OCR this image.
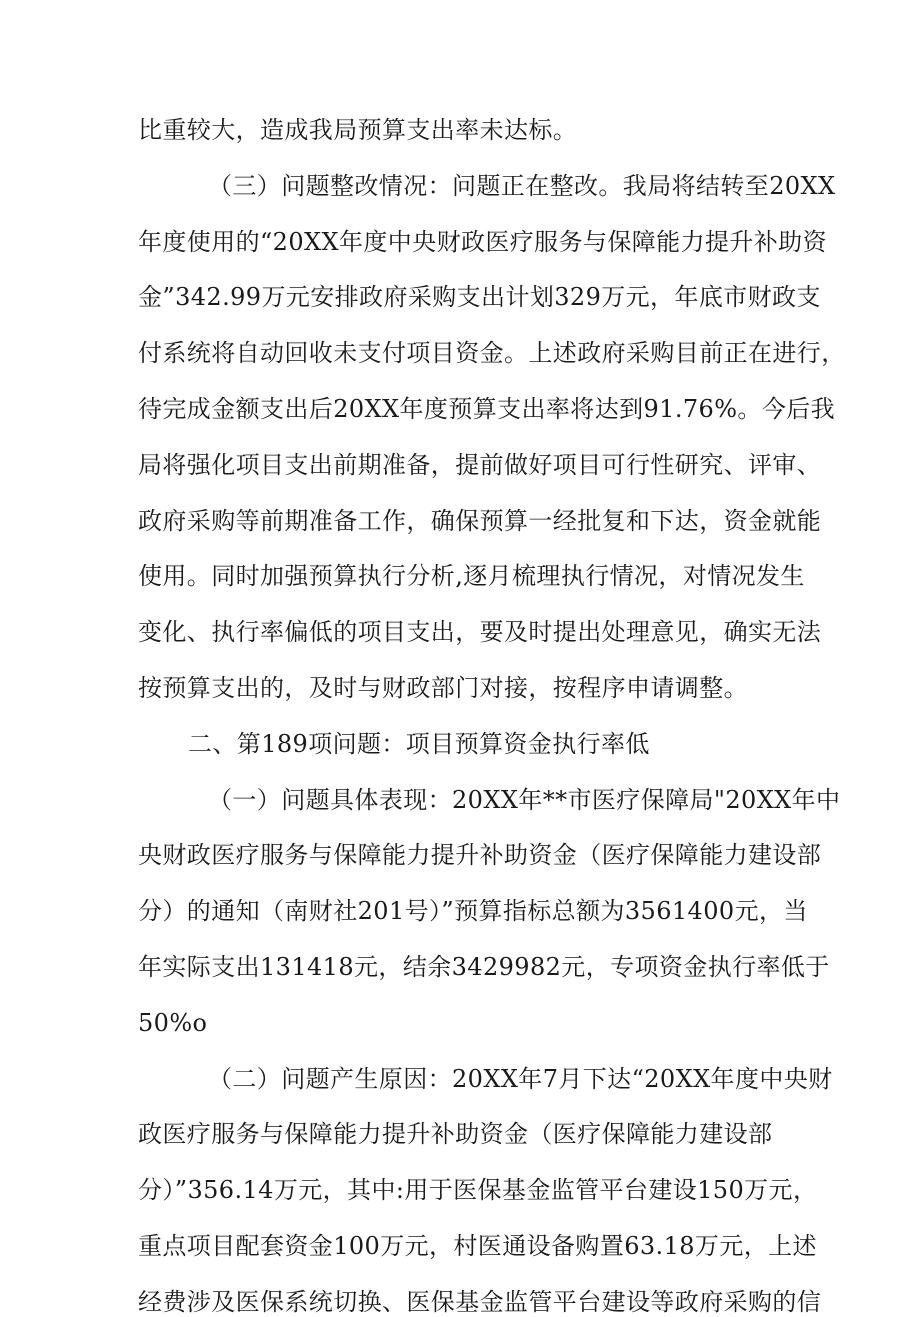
比重较大，造成我局预算支出率未达标。
（三）问题整改情况：问题正在整改。我局将结转至20XX
年度使用的“20XX年度中央财政医疗服务与保障能力提升补助资
金”342.99万元安排政府采购支出计划329万元，年底市财政支
付系统将自动回收未支付项目资金。上述政府采购目前正在进行，
待完成金额支出后20XX年度预算支出率将达到91.76%。今后我
局将强化项目支出前期准备，提前做好项目可行性研究、评审、
政府采购等前期准备工作，确保预算一经批复和下达，资金就能
使用。同时加强预算执行分析,逐月梳理执行情况，对情况发生
变化、执行率偏低的项目支出，要及时提出处理意见，确实无法
按预算支出的，及时与财政部门对接，按程序申请调整。
二、第189项问题：项目预算资金执行率低
（一）问题具体表现：20XX年**市医疗保障局"20XX年中
央财政医疗服务与保障能力提升补助资金（医疗保障能力建设部
分）的通知（南财社201号）”预算指标总额为3561400元，当
年实际支出131418元，结余3429982元，专项资金执行率低于
50%o
（二）问题产生原因：20XX年7月下达“20XX年度中央财
政医疗服务与保障能力提升补助资金（医疗保障能力建设部
分）”356.14万元，其中:用于医保基金监管平台建设150万元，
重点项目配套资金100万元，村医通设备购置63.18万元，上述
经费涉及医保系统切换、医保基金监管平台建设等政府采购的信
